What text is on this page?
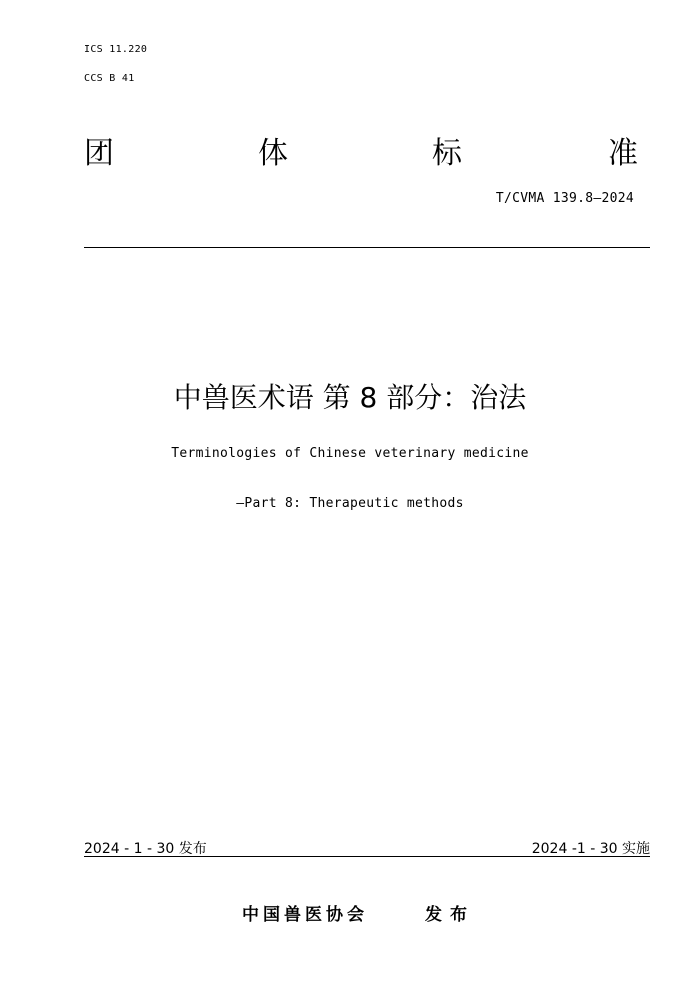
ICS 11.220
CCS B 41
团	体	标	准
T/CVMA 139.8—2024
中兽医术语 第 8 部分：治法
Terminologies of Chinese veterinary medicine
—Part 8: Therapeutic methods
2024 - 1 - 30 发布	2024 -1 - 30 实施
中国兽医协会	发布
